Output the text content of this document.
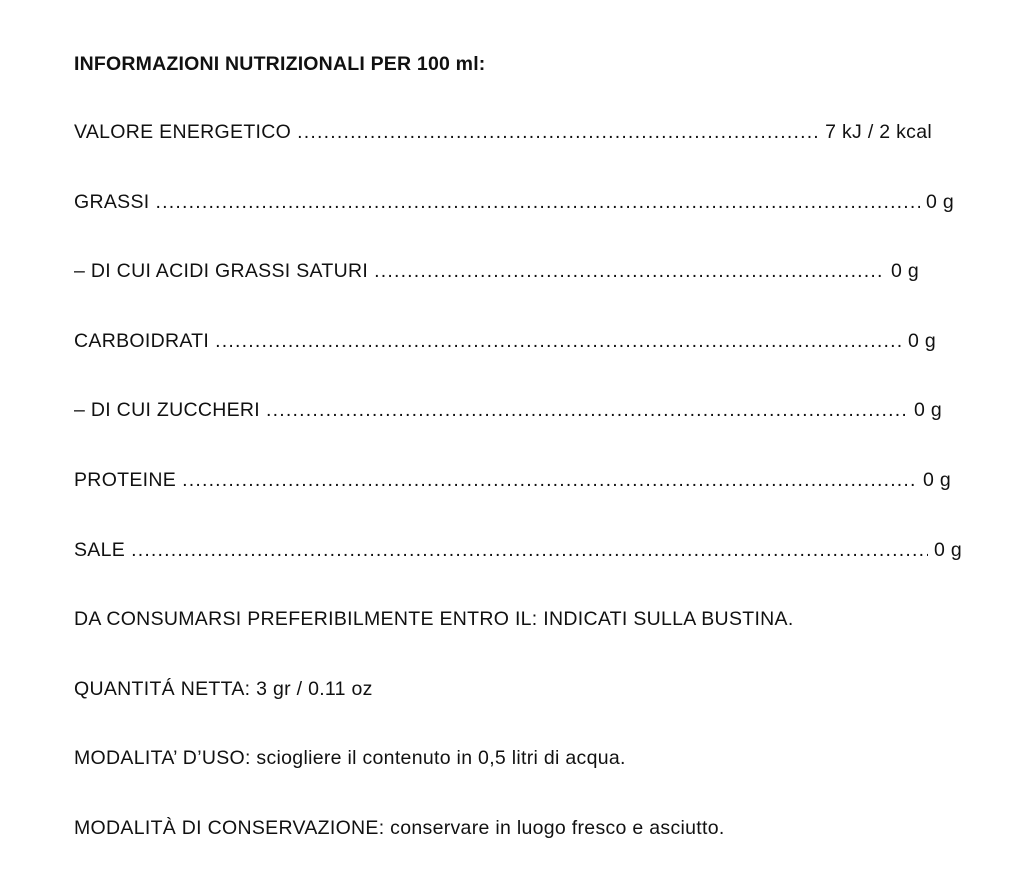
INFORMAZIONI NUTRIZIONALI PER 100 ml:
VALORE ENERGETICO .....	7 kJ / 2 kcal
GRASSI .....	0 g
– DI CUI ACIDI GRASSI SATURI .....	0 g
CARBOIDRATI .....	0 g
– DI CUI ZUCCHERI .....	0 g
PROTEINE .....	0 g
SALE .....	0 g
DA CONSUMARSI PREFERIBILMENTE ENTRO IL: INDICATI SULLA BUSTINA.
QUANTITÁ NETTA: 3 gr / 0.11 oz
MODALITA’ D’USO: sciogliere il contenuto in 0,5 litri di acqua.
MODALITÀ DI CONSERVAZIONE: conservare in luogo fresco e asciutto.
